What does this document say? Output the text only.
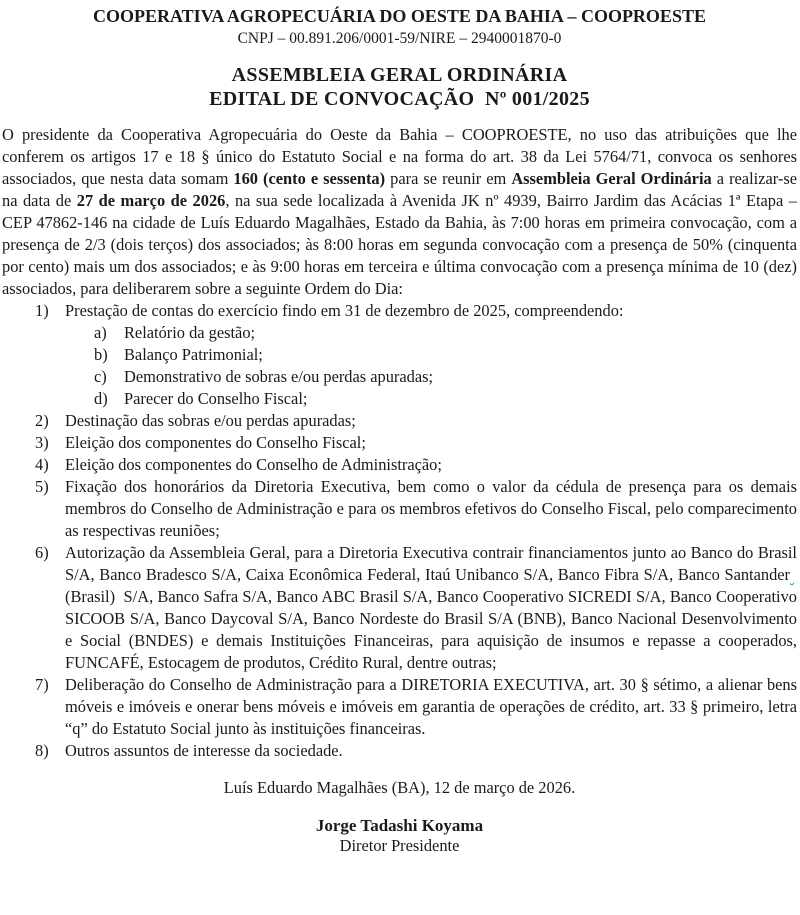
COOPERATIVA AGROPECUÁRIA DO OESTE DA BAHIA – COOPROESTE
CNPJ – 00.891.206/0001-59/NIRE – 2940001870-0
ASSEMBLEIA GERAL ORDINÁRIA
EDITAL DE CONVOCAÇÃO  Nº 001/2025

O presidente da Cooperativa Agropecuária do Oeste da Bahia – COOPROESTE, no uso das atribuições que lhe conferem os artigos 17 e 18 § único do Estatuto Social e na forma do art. 38 da Lei 5764/71, convoca os senhores associados, que nesta data somam 160 (cento e sessenta) para se reunir em Assembleia Geral Ordinária a realizar-se na data de 27 de março de 2026, na sua sede localizada à Avenida JK nº 4939, Bairro Jardim das Acácias 1ª Etapa – CEP 47862-146 na cidade de Luís Eduardo Magalhães, Estado da Bahia, às 7:00 horas em primeira convocação, com a presença de 2/3 (dois terços) dos associados; às 8:00 horas em segunda convocação com a presença de 50% (cinquenta por cento) mais um dos associados; e às 9:00 horas em terceira e última convocação com a presença mínima de 10 (dez) associados, para deliberarem sobre a seguinte Ordem do Dia:

1) Prestação de contas do exercício findo em 31 de dezembro de 2025, compreendendo:
a)	Relatório da gestão;
b) Balanço Patrimonial;
c)	Demonstrativo de sobras e/ou perdas apuradas;
d) Parecer do Conselho Fiscal;
2) Destinação das sobras e/ou perdas apuradas;
3) Eleição dos componentes do Conselho Fiscal;
4) Eleição dos componentes do Conselho de Administração;
5) Fixação dos honorários da Diretoria Executiva, bem como o valor da cédula de presença para os demais membros do Conselho de Administração e para os membros efetivos do Conselho Fiscal, pelo comparecimento as respectivas reuniões;
6) Autorização da Assembleia Geral, para a Diretoria Executiva contrair financiamentos junto ao Banco do Brasil S/A, Banco Bradesco S/A, Caixa Econômica Federal, Itaú Unibanco S/A, Banco Fibra S/A, Banco Santander (Brasil)  S/A, Banco Safra S/A, Banco ABC Brasil S/A, Banco Cooperativo SICREDI S/A, Banco Cooperativo SICOOB S/A, Banco Daycoval S/A, Banco Nordeste do Brasil S/A (BNB), Banco Nacional Desenvolvimento e Social (BNDES) e demais Instituições Financeiras, para aquisição de insumos e repasse a cooperados, FUNCAFÉ, Estocagem de produtos, Crédito Rural, dentre outras;
7) Deliberação do Conselho de Administração para a DIRETORIA EXECUTIVA, art. 30 § sétimo, a alienar bens móveis e imóveis e onerar bens móveis e imóveis em garantia de operações de crédito, art. 33 § primeiro, letra “q” do Estatuto Social junto às instituições financeiras.
8) Outros assuntos de interesse da sociedade.

Luís Eduardo Magalhães (BA), 12 de março de 2026.

Jorge Tadashi Koyama
Diretor Presidente
